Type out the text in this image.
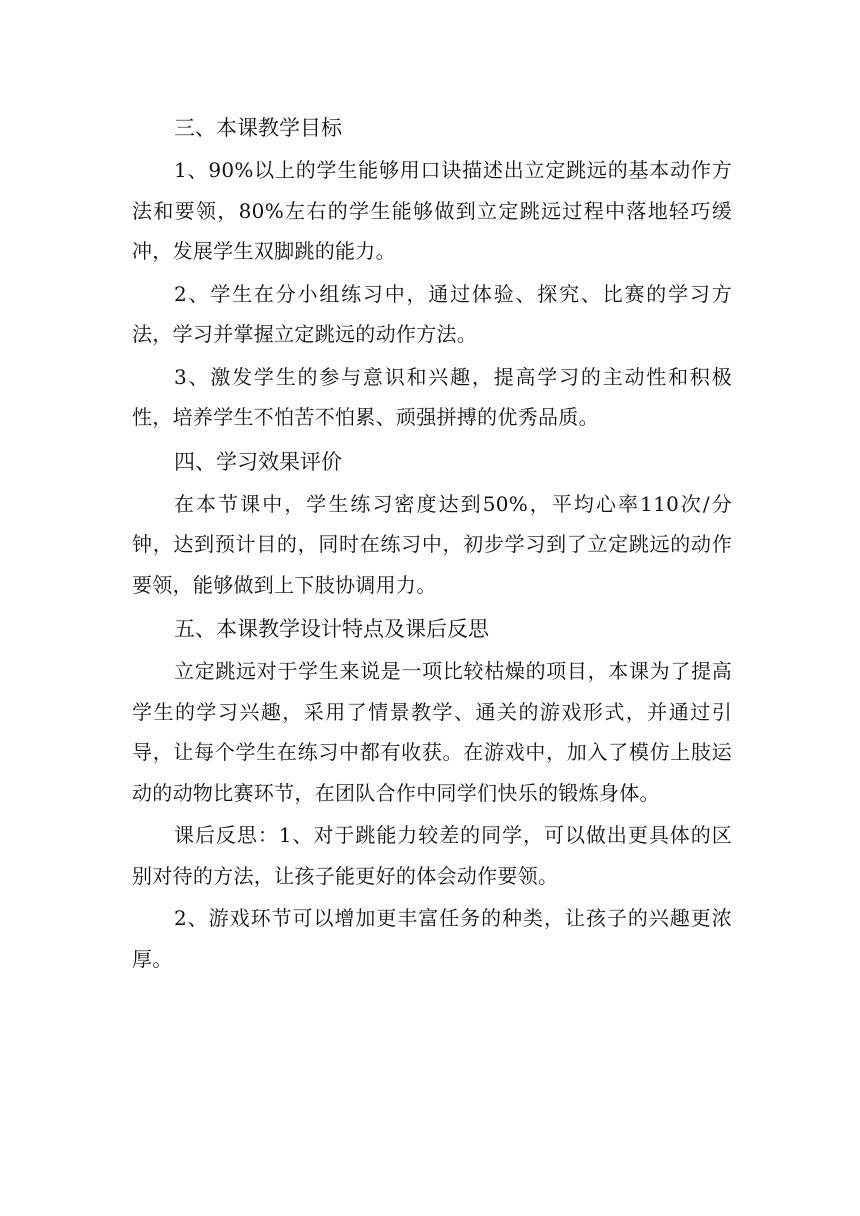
三、本课教学目标

1、90%以上的学生能够用口诀描述出立定跳远的基本动作方法和要领，80%左右的学生能够做到立定跳远过程中落地轻巧缓冲，发展学生双脚跳的能力。

2、学生在分小组练习中，通过体验、探究、比赛的学习方法，学习并掌握立定跳远的动作方法。

3、激发学生的参与意识和兴趣，提高学习的主动性和积极性，培养学生不怕苦不怕累、顽强拼搏的优秀品质。

四、学习效果评价

在本节课中，学生练习密度达到50%，平均心率110次/分钟，达到预计目的，同时在练习中，初步学习到了立定跳远的动作要领，能够做到上下肢协调用力。

五、本课教学设计特点及课后反思

立定跳远对于学生来说是一项比较枯燥的项目，本课为了提高学生的学习兴趣，采用了情景教学、通关的游戏形式，并通过引导，让每个学生在练习中都有收获。在游戏中，加入了模仿上肢运动的动物比赛环节，在团队合作中同学们快乐的锻炼身体。

课后反思：1、对于跳能力较差的同学，可以做出更具体的区别对待的方法，让孩子能更好的体会动作要领。

2、游戏环节可以增加更丰富任务的种类，让孩子的兴趣更浓厚。
